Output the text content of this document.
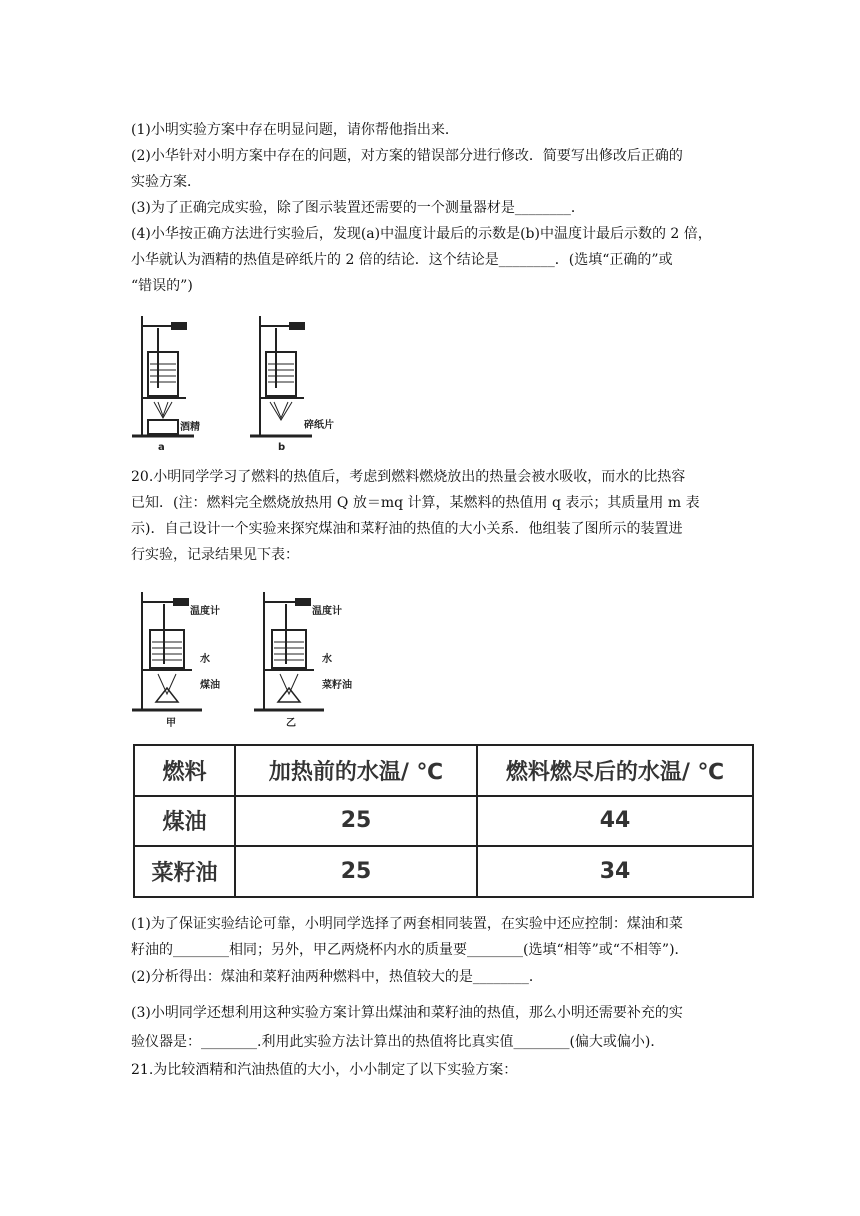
(1)小明实验方案中存在明显问题，请你帮他指出来．
(2)小华针对小明方案中存在的问题，对方案的错误部分进行修改．简要写出修改后正确的
实验方案．
(3)为了正确完成实验，除了图示装置还需要的一个测量器材是________．
(4)小华按正确方法进行实验后，发现(a)中温度计最后的示数是(b)中温度计最后示数的 2 倍，
小华就认为酒精的热值是碎纸片的 2 倍的结论．这个结论是________．(选填“正确的”或
“错误的”)
酒精
a
碎纸片
b
20.小明同学学习了燃料的热值后，考虑到燃料燃烧放出的热量会被水吸收，而水的比热容
已知．(注：燃料完全燃烧放热用 Q 放＝mq 计算，某燃料的热值用 q 表示；其质量用 m 表
示)．自己设计一个实验来探究煤油和菜籽油的热值的大小关系．他组装了图所示的装置进
行实验，记录结果见下表：
温度计
水
煤油
甲
温度计
水
菜籽油
乙
燃料	加热前的水温/ ℃	燃料燃尽后的水温/ ℃
煤油	25	44
菜籽油	25	34
(1)为了保证实验结论可靠，小明同学选择了两套相同装置，在实验中还应控制：煤油和菜
籽油的________相同；另外，甲乙两烧杯内水的质量要________(选填“相等”或“不相等”)．
(2)分析得出：煤油和菜籽油两种燃料中，热值较大的是________．
(3)小明同学还想利用这种实验方案计算出煤油和菜籽油的热值，那么小明还需要补充的实
验仪器是：________.利用此实验方法计算出的热值将比真实值________(偏大或偏小)．
21.为比较酒精和汽油热值的大小，小小制定了以下实验方案：
